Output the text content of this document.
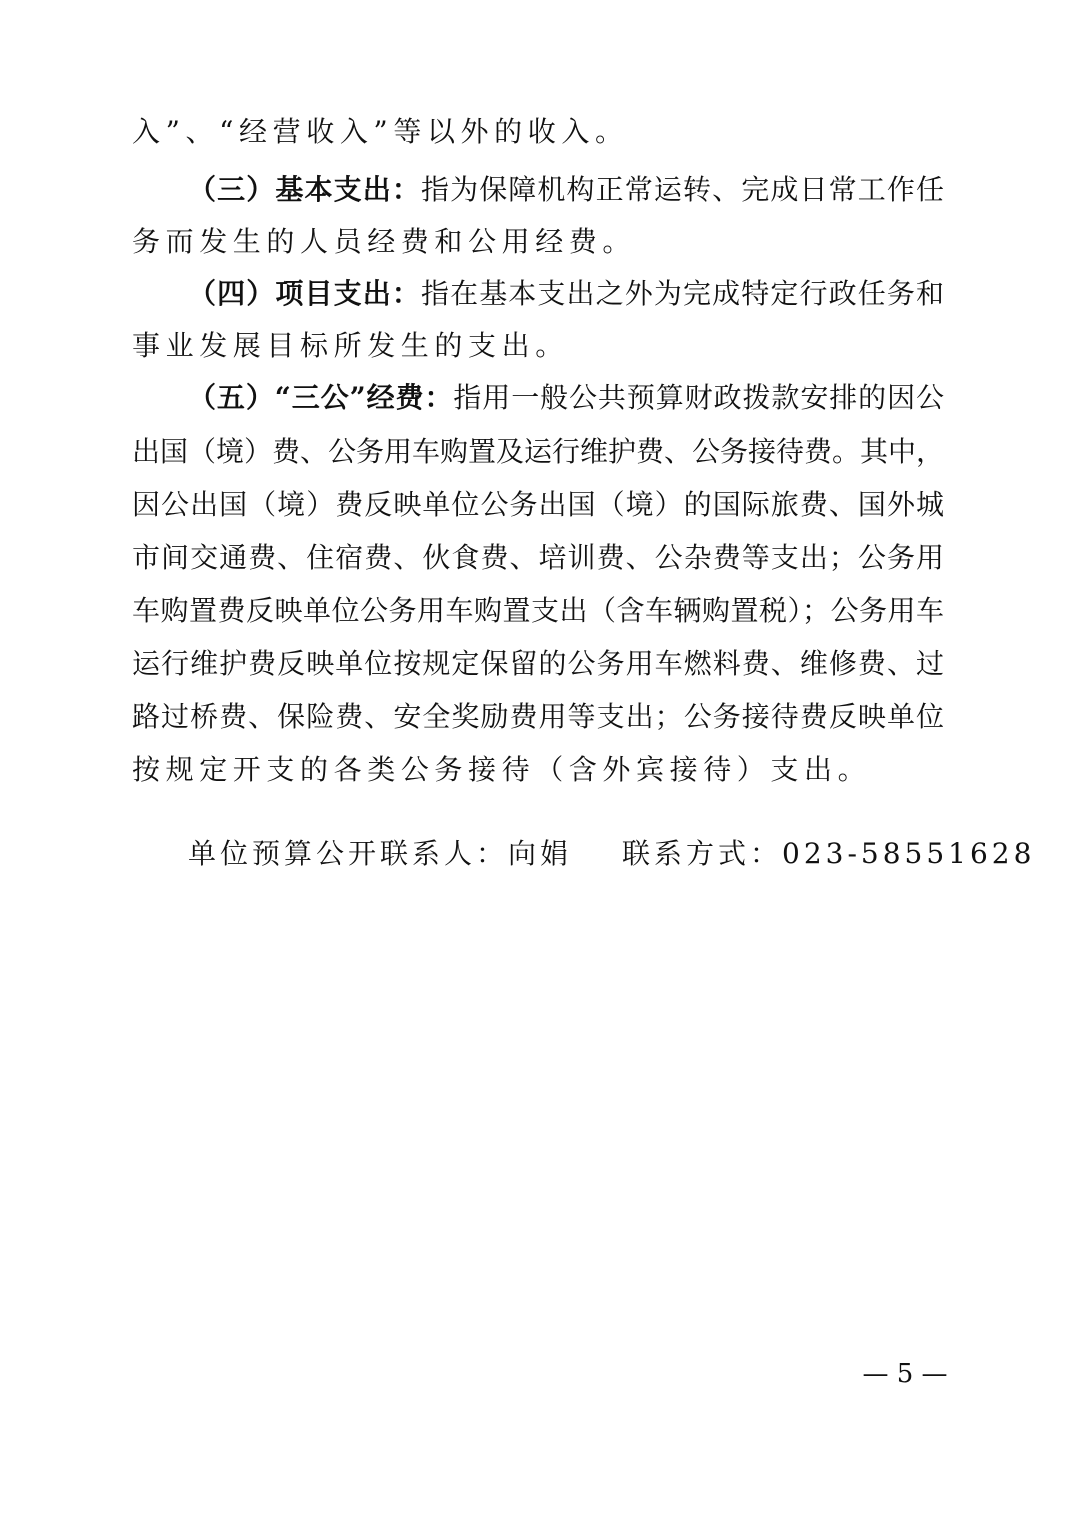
入”、“经营收入”等以外的收入。
（三）基本支出：指为保障机构正常运转、完成日常工作任
务而发生的人员经费和公用经费。
（四）项目支出：指在基本支出之外为完成特定行政任务和
事业发展目标所发生的支出。
（五）“三公”经费：指用一般公共预算财政拨款安排的因公
出国（境）费、公务用车购置及运行维护费、公务接待费。其中，
因公出国（境）费反映单位公务出国（境）的国际旅费、国外城
市间交通费、住宿费、伙食费、培训费、公杂费等支出；公务用
车购置费反映单位公务用车购置支出（含车辆购置税）；公务用车
运行维护费反映单位按规定保留的公务用车燃料费、维修费、过
路过桥费、保险费、安全奖励费用等支出；公务接待费反映单位
按规定开支的各类公务接待（含外宾接待）支出。
单位预算公开联系人：向娟 联系方式：023-58551628
— 5 —
